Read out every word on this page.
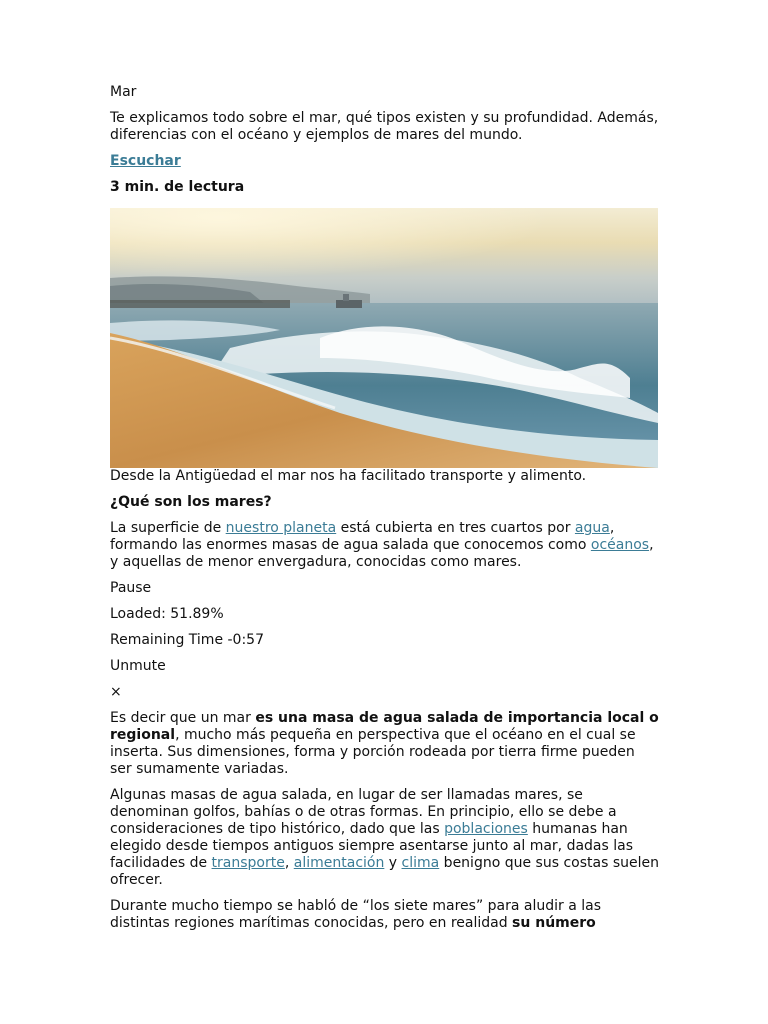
Mar

Te explicamos todo sobre el mar, qué tipos existen y su profundidad. Además, diferencias con el océano y ejemplos de mares del mundo.

Escuchar

3 min. de lectura

Desde la Antigüedad el mar nos ha facilitado transporte y alimento.

¿Qué son los mares?

La superficie de nuestro planeta está cubierta en tres cuartos por agua, formando las enormes masas de agua salada que conocemos como océanos, y aquellas de menor envergadura, conocidas como mares.

Pause

Loaded: 51.89%

Remaining Time -0:57

Unmute

×

Es decir que un mar es una masa de agua salada de importancia local o regional, mucho más pequeña en perspectiva que el océano en el cual se inserta. Sus dimensiones, forma y porción rodeada por tierra firme pueden ser sumamente variadas.

Algunas masas de agua salada, en lugar de ser llamadas mares, se denominan golfos, bahías o de otras formas. En principio, ello se debe a consideraciones de tipo histórico, dado que las poblaciones humanas han elegido desde tiempos antiguos siempre asentarse junto al mar, dadas las facilidades de transporte, alimentación y clima benigno que sus costas suelen ofrecer.

Durante mucho tiempo se habló de “los siete mares” para aludir a las distintas regiones marítimas conocidas, pero en realidad su número
